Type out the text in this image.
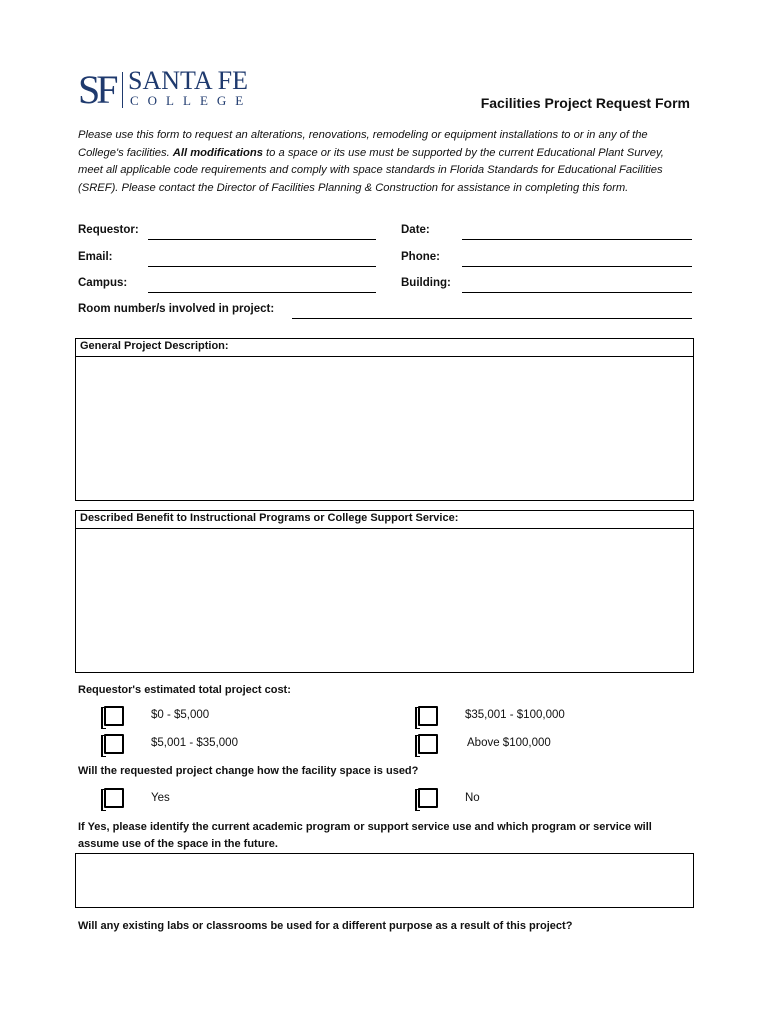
SF SANTA FE
COLLEGE	Facilities Project Request Form
Please use this form to request an alterations, renovations, remodeling or equipment installations to or in any of the College's facilities. All modifications to a space or its use must be supported by the current Educational Plant Survey, meet all applicable code requirements and comply with space standards in Florida Standards for Educational Facilities (SREF). Please contact the Director of Facilities Planning & Construction for assistance in completing this form.
Requestor:	Date:
Email:	Phone:
Campus:	Building:
Room number/s involved in project:
General Project Description:
Described Benefit to Instructional Programs or College Support Service:
Requestor's estimated total project cost:
$0 - $5,000	$35,001 - $100,000
$5,001 - $35,000	Above $100,000
Will the requested project change how the facility space is used?
Yes	No
If Yes, please identify the current academic program or support service use and which program or service will
assume use of the space in the future.
Will any existing labs or classrooms be used for a different purpose as a result of this project?
